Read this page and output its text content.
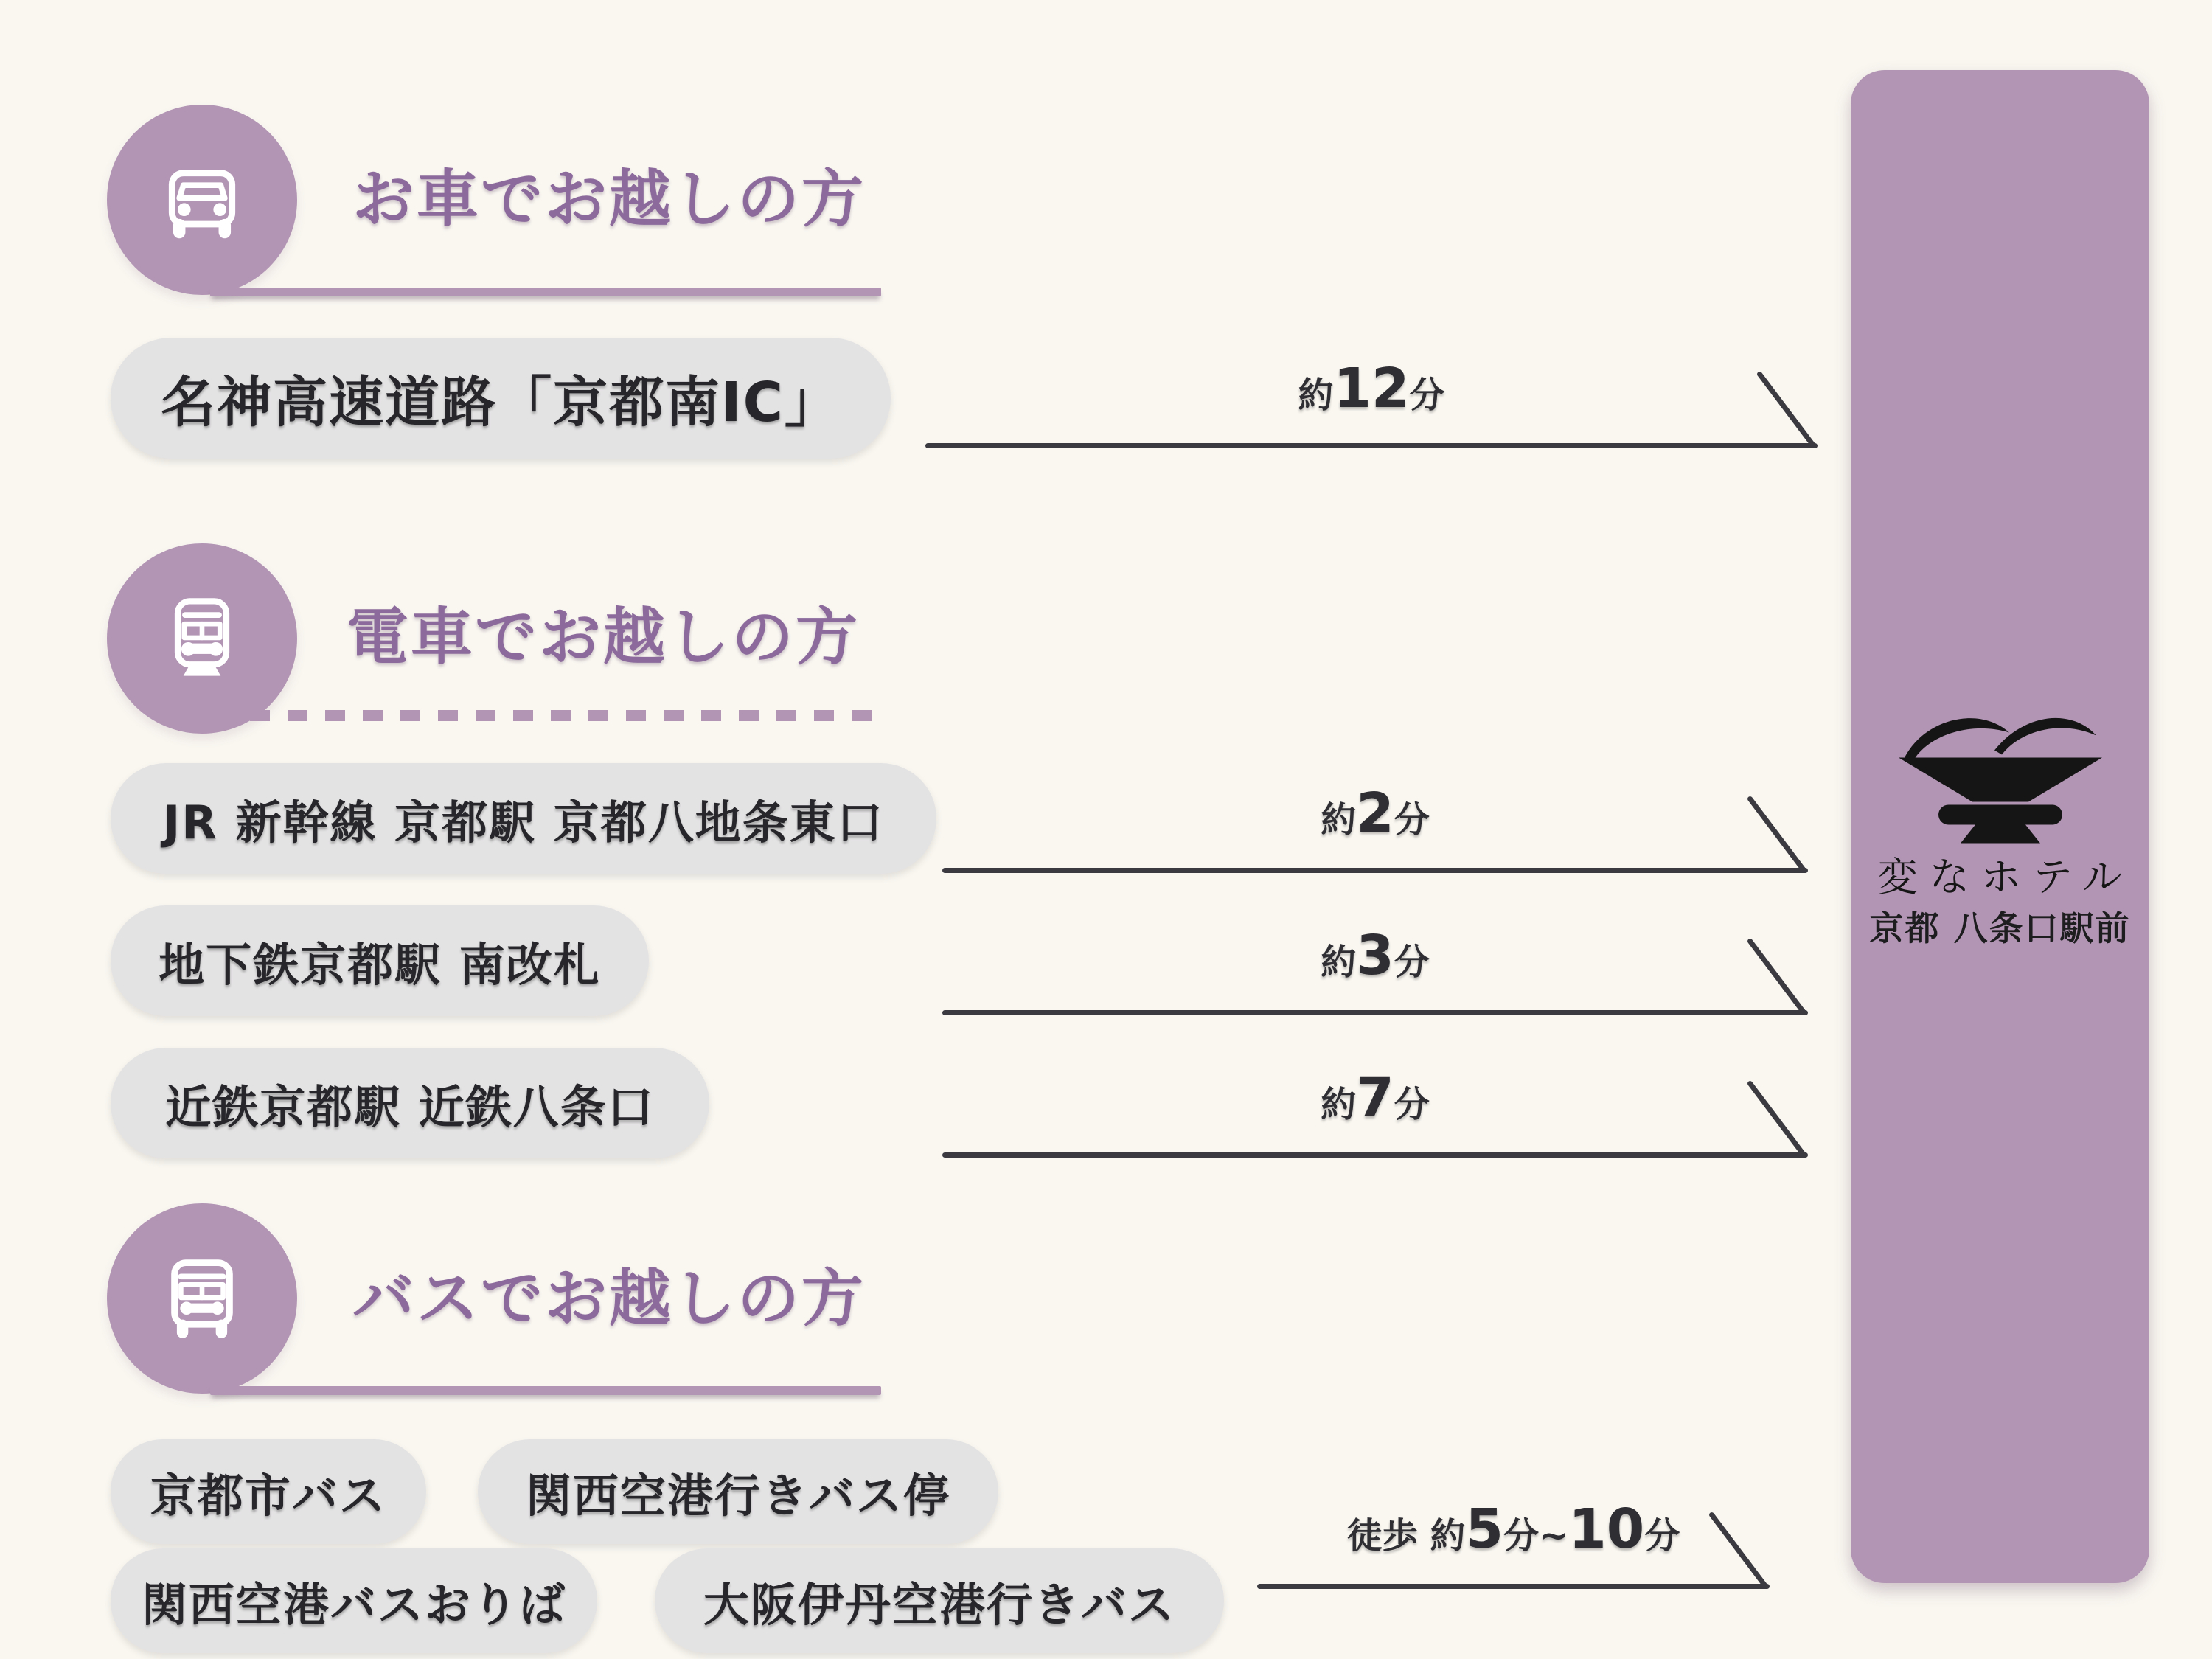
お車でお越しの方
名神高速道路「京都南IC」	約12分
電車でお越しの方
JR 新幹線 京都駅 京都八地条東口	約2分
地下鉄京都駅 南改札	約3分
近鉄京都駅 近鉄八条口	約7分
バスでお越しの方
京都市バス	関西空港行きバス停
関西空港バスおりば	大阪伊丹空港行きバス
徒歩 約5分~10分
変なホテル
京都 八条口駅前
